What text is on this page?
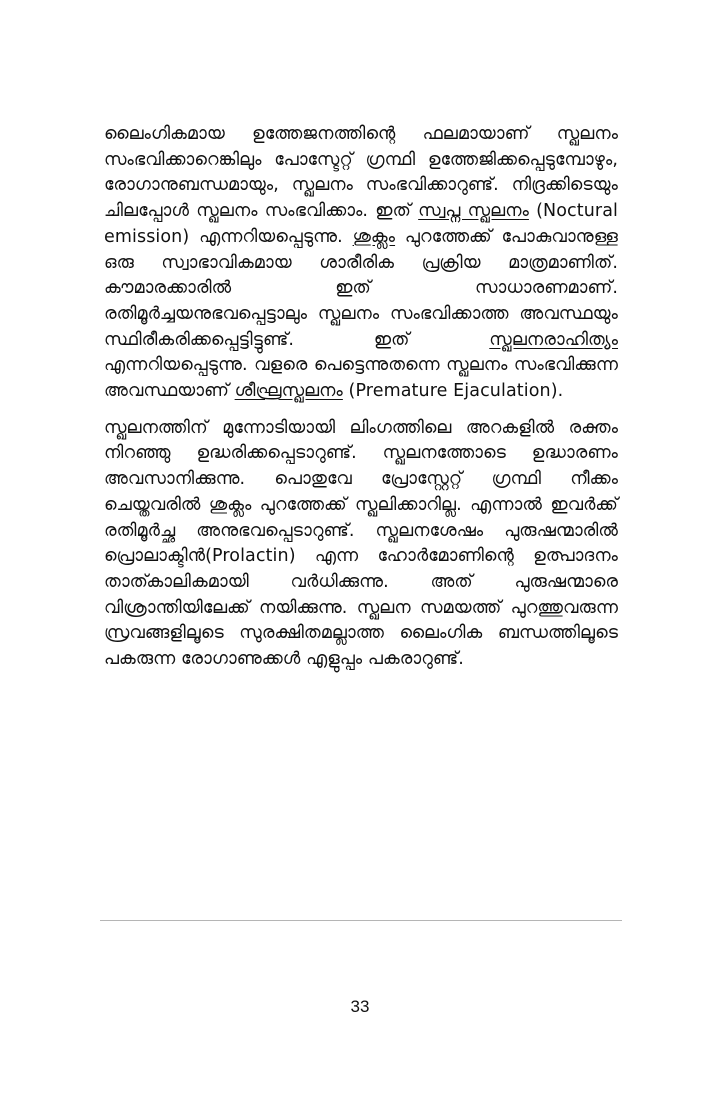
ലൈംഗികമായ ഉത്തേജനത്തിന്റെ ഫലമായാണ് സ്ഖലനം സംഭവിക്കാറെങ്കിലും പോസ്ടേറ്റ് ഗ്രന്ഥി ഉത്തേജിക്കപ്പെടുമ്പോഴും, രോഗാനുബന്ധമായും, സ്ഖലനം സംഭവിക്കാറുണ്ട്. നിദ്രക്കിടെയും ചിലപ്പോൾ സ്ഖലനം സംഭവിക്കാം. ഇത് സ്വപ്ന സ്ഖലനം (Noctural emission) എന്നറിയപ്പെടുന്നു. ശുക്ലം പുറത്തേക്ക് പോകുവാനുള്ള ഒരു സ്വാഭാവികമായ ശാരീരിക പ്രക്രിയ മാത്രമാണിത്. കൗമാരക്കാരിൽ ഇത് സാധാരണമാണ്. രതിമൂർച്ചയനുഭവപ്പെട്ടാലും സ്ഖലനം സംഭവിക്കാത്ത അവസ്ഥയും സ്ഥിരീകരിക്കപ്പെട്ടിട്ടുണ്ട്. ഇത് സ്ഖലനരാഹിത്യം എന്നറിയപ്പെടുന്നു. വളരെ പെട്ടെന്നുതന്നെ സ്ഖലനം സംഭവിക്കുന്ന അവസ്ഥയാണ് ശീഘ്രസ്ഖലനം (Premature Ejaculation).

സ്ഖലനത്തിന് മുന്നോടിയായി ലിംഗത്തിലെ അറകളിൽ രക്തം നിറഞ്ഞു ഉദ്ധരിക്കപ്പെടാറുണ്ട്. സ്ഖലനത്തോടെ ഉദ്ധാരണം അവസാനിക്കുന്നു. പൊതുവേ പ്രോസ്റ്റേറ്റ് ഗ്രന്ഥി നീക്കം ചെയ്തവരിൽ ശുക്ലം പുറത്തേക്ക് സ്ഖലിക്കാറില്ല. എന്നാൽ ഇവർക്ക് രതിമൂർച്ഛ അനുഭവപ്പെടാറുണ്ട്. സ്ഖലനശേഷം പുരുഷന്മാരിൽ പ്രൊലാക്ടിൻ(Prolactin) എന്ന ഹോർമോണിന്റെ ഉത്പാദനം താത്കാലികമായി വർധിക്കുന്നു. അത് പുരുഷന്മാരെ വിശ്രാന്തിയിലേക്ക് നയിക്കുന്നു. സ്ഖലന സമയത്ത് പുറത്തുവരുന്ന സ്രവങ്ങളിലൂടെ സുരക്ഷിതമല്ലാത്ത ലൈംഗിക ബന്ധത്തിലൂടെ പകരുന്ന രോഗാണുക്കൾ എളുപ്പം പകരാറുണ്ട്.

33
